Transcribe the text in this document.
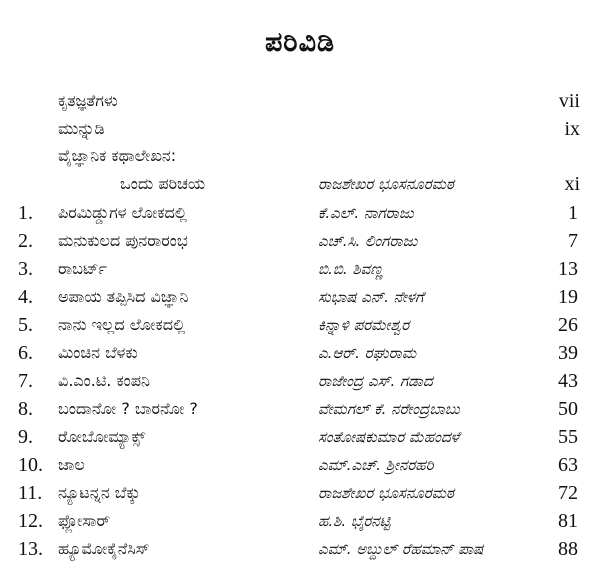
ಪರಿವಿಡಿ
ಕೃತಜ್ಞತೆಗಳು	vii
ಮುನ್ನುಡಿ	ix
ವೈಜ್ಞಾನಿಕ ಕಥಾಲೇಖನ:
ಒಂದು ಪರಿಚಯ	ರಾಜಶೇಖರ ಭೂಸನೂರಮಠ	xi
1. ಪಿರಮಿಡ್ಡುಗಳ ಲೋಕದಲ್ಲಿ	ಕೆ.ಎಲ್. ನಾಗರಾಜು	1
2. ಮನುಕುಲದ ಪುನರಾರಂಭ	ಎಚ್.ಸಿ. ಲಿಂಗರಾಜು	7
3. ರಾಬರ್ಟ್	ಬಿ.ಬಿ. ಶಿವಣ್ಣ	13
4. ಅಪಾಯ ತಪ್ಪಿಸಿದ ವಿಜ್ಞಾನಿ	ಸುಭಾಷ ಎನ್. ನೇಳಗೆ	19
5. ನಾನು ಇಲ್ಲದ ಲೋಕದಲ್ಲಿ	ಕಿನ್ನಾಳಿ ಪರಮೇಶ್ವರ	26
6. ಮಿಂಚಿನ ಬೆಳಕು	ಎ.ಆರ್. ರಘುರಾಮ	39
7. ವಿ.ಎಂ.ಟಿ. ಕಂಪನಿ	ರಾಜೇಂದ್ರ ಎಸ್. ಗಡಾದ	43
8. ಬಂದಾನೋ ? ಬಾರನೋ ?	ವೇಮಗಲ್ ಕೆ. ನರೇಂದ್ರಬಾಬು	50
9. ರೋಬೋಮ್ಯಾಕ್ಸ್	ಸಂತೋಷಕುಮಾರ ಮೆಹಂದಳೆ	55
10. ಜಾಲ	ಎಮ್.ಎಚ್. ಶ್ರೀನರಹರಿ	63
11. ನ್ಯೂಟನ್ನನ ಬೆಕ್ಕು	ರಾಜಶೇಖರ ಭೂಸನೂರಮಠ	72
12. ಫ್ಲೋಸಾರ್	ಹ.ಶಿ. ಭೈರನಟ್ಟಿ	81
13. ಹ್ಯೂಮೋಕೈನೆಸಿಸ್	ಎಮ್. ಅಬ್ದುಲ್ ರೆಹಮಾನ್ ಪಾಷ	88
